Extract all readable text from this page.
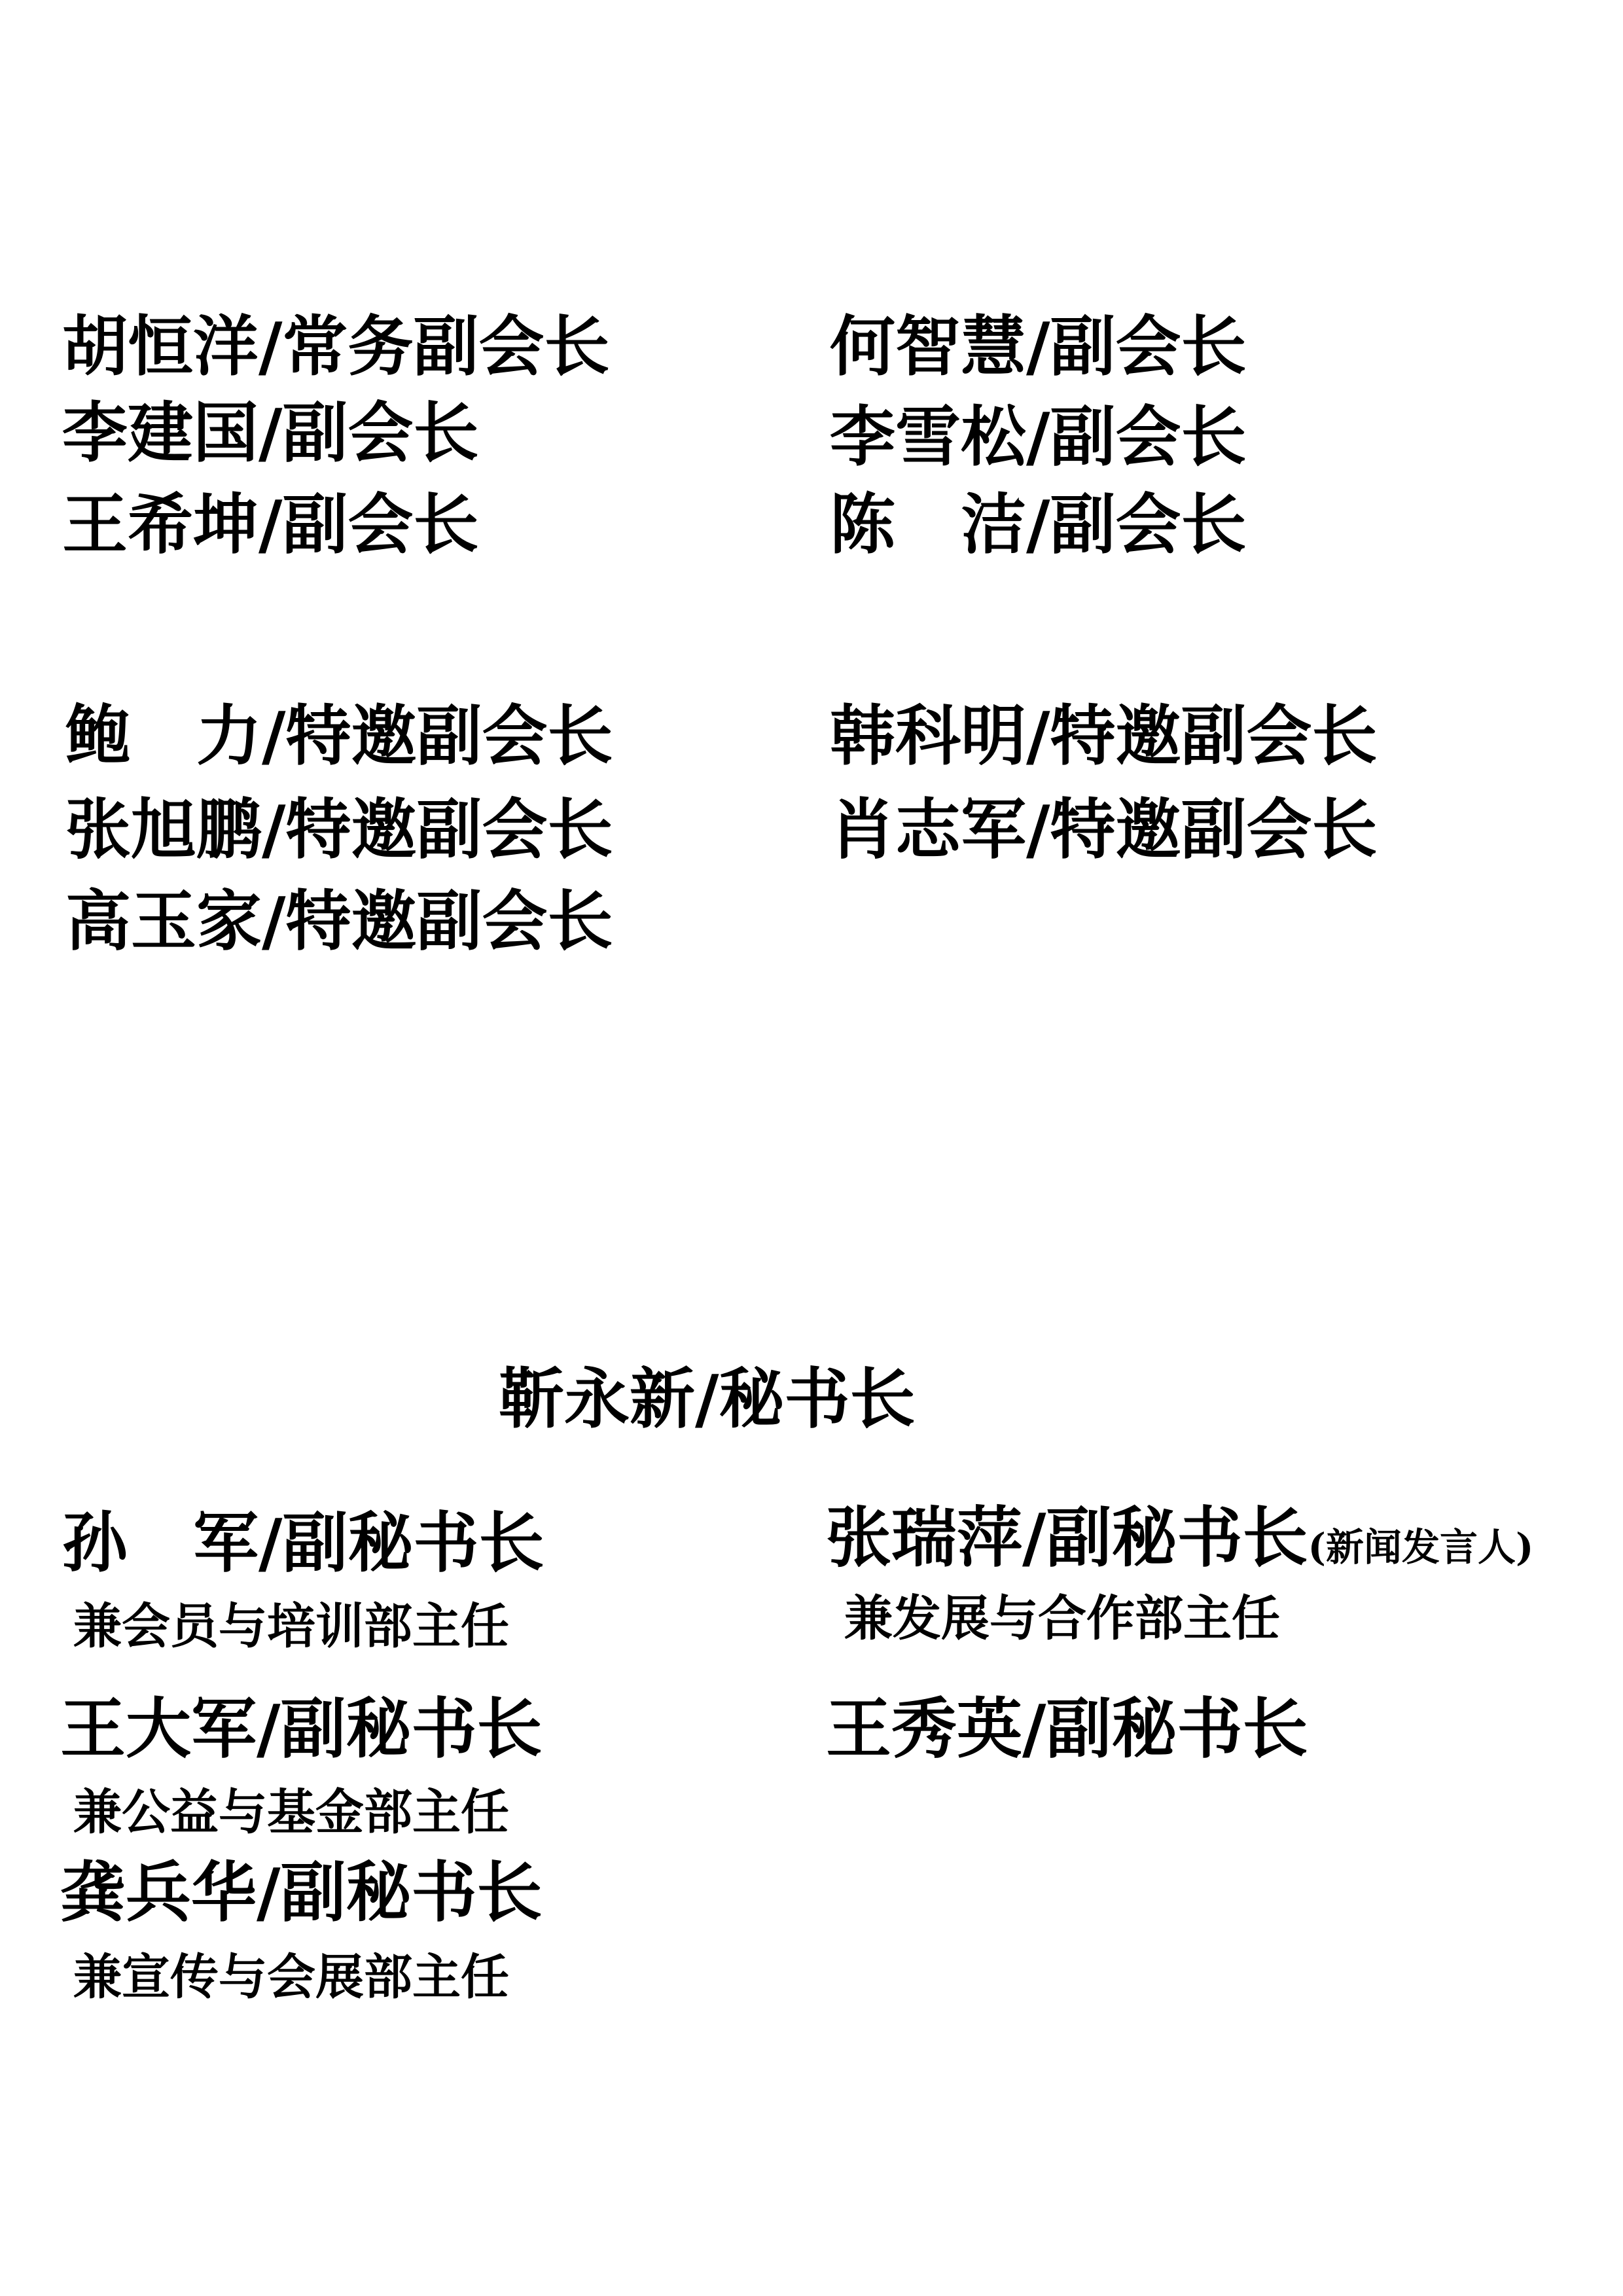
胡恒洋/常务副会长
李建国/副会长
王希坤/副会长
何智慧/副会长
李雪松/副会长
陈　洁/副会长
鲍　力/特邀副会长
张旭鹏/特邀副会长
高玉家/特邀副会长
韩科明/特邀副会长
肖志军/特邀副会长
靳永新/秘书长
孙　军/副秘书长
兼会员与培训部主任
王大军/副秘书长
兼公益与基金部主任
龚兵华/副秘书长
兼宣传与会展部主任
张瑞萍/副秘书长(新闻发言人)
兼发展与合作部主任
王秀英/副秘书长
